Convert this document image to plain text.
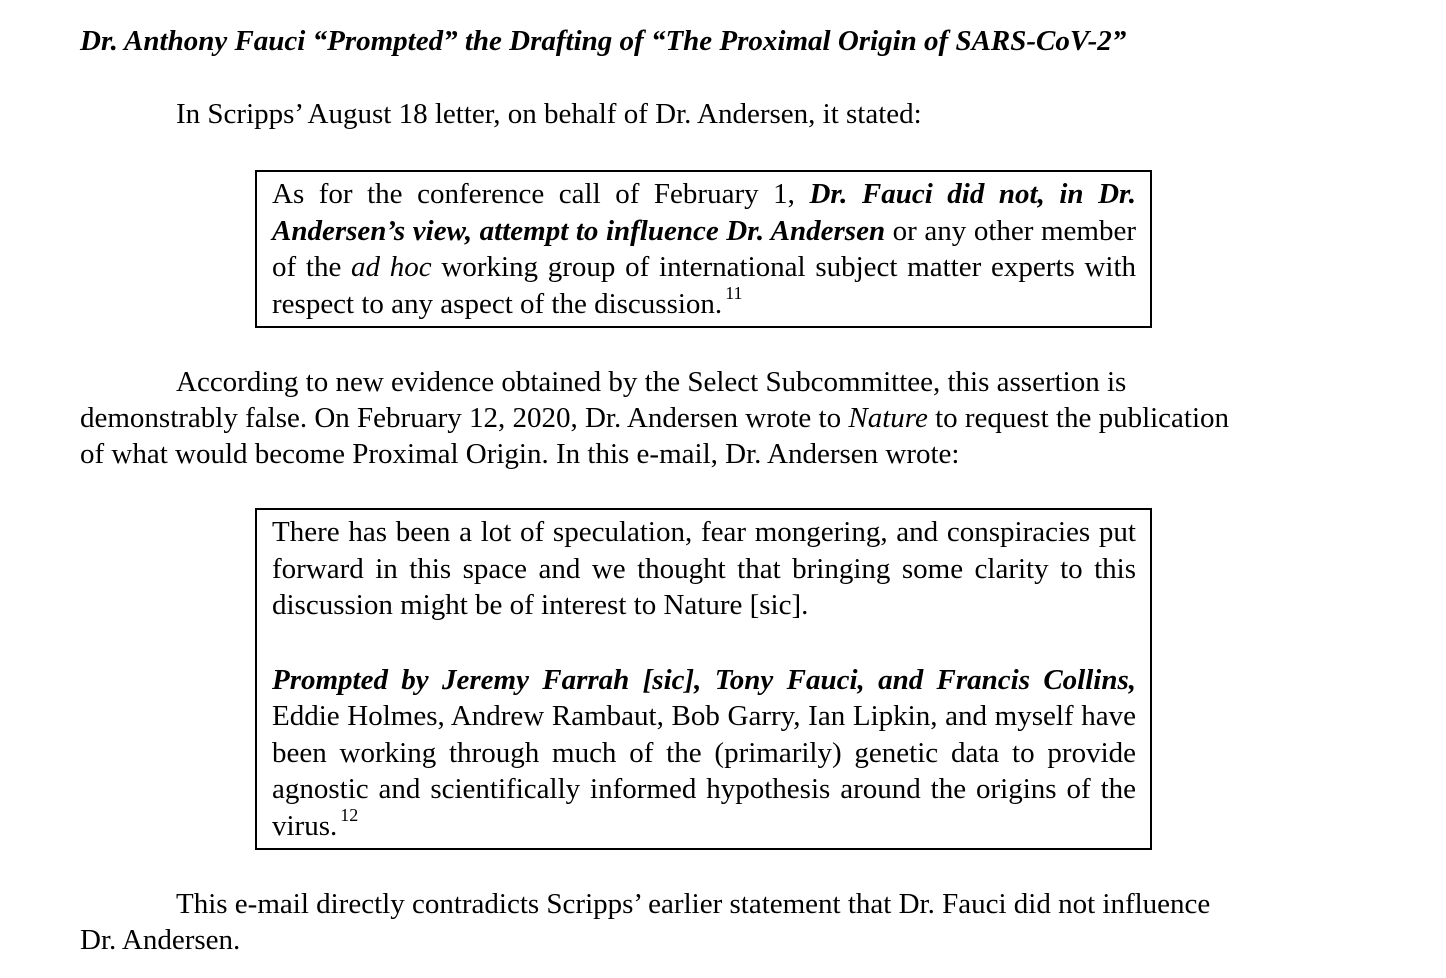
Dr. Anthony Fauci “Prompted” the Drafting of “The Proximal Origin of SARS-CoV-2”

In Scripps’ August 18 letter, on behalf of Dr. Andersen, it stated:

As for the conference call of February 1, Dr. Fauci did not, in Dr. Andersen’s view, attempt to influence Dr. Andersen or any other member of the ad hoc working group of international subject matter experts with respect to any aspect of the discussion. $^{11}$

According to new evidence obtained by the Select Subcommittee, this assertion is demonstrably false. On February 12, 2020, Dr. Andersen wrote to Nature to request the publication of what would become Proximal Origin. In this e-mail, Dr. Andersen wrote:

There has been a lot of speculation, fear mongering, and conspiracies put forward in this space and we thought that bringing some clarity to this discussion might be of interest to Nature [sic].

Prompted by Jeremy Farrah [sic], Tony Fauci, and Francis Collins, Eddie Holmes, Andrew Rambaut, Bob Garry, Ian Lipkin, and myself have been working through much of the (primarily) genetic data to provide agnostic and scientifically informed hypothesis around the origins of the virus. $^{12}$

This e-mail directly contradicts Scripps’ earlier statement that Dr. Fauci did not influence Dr. Andersen.
